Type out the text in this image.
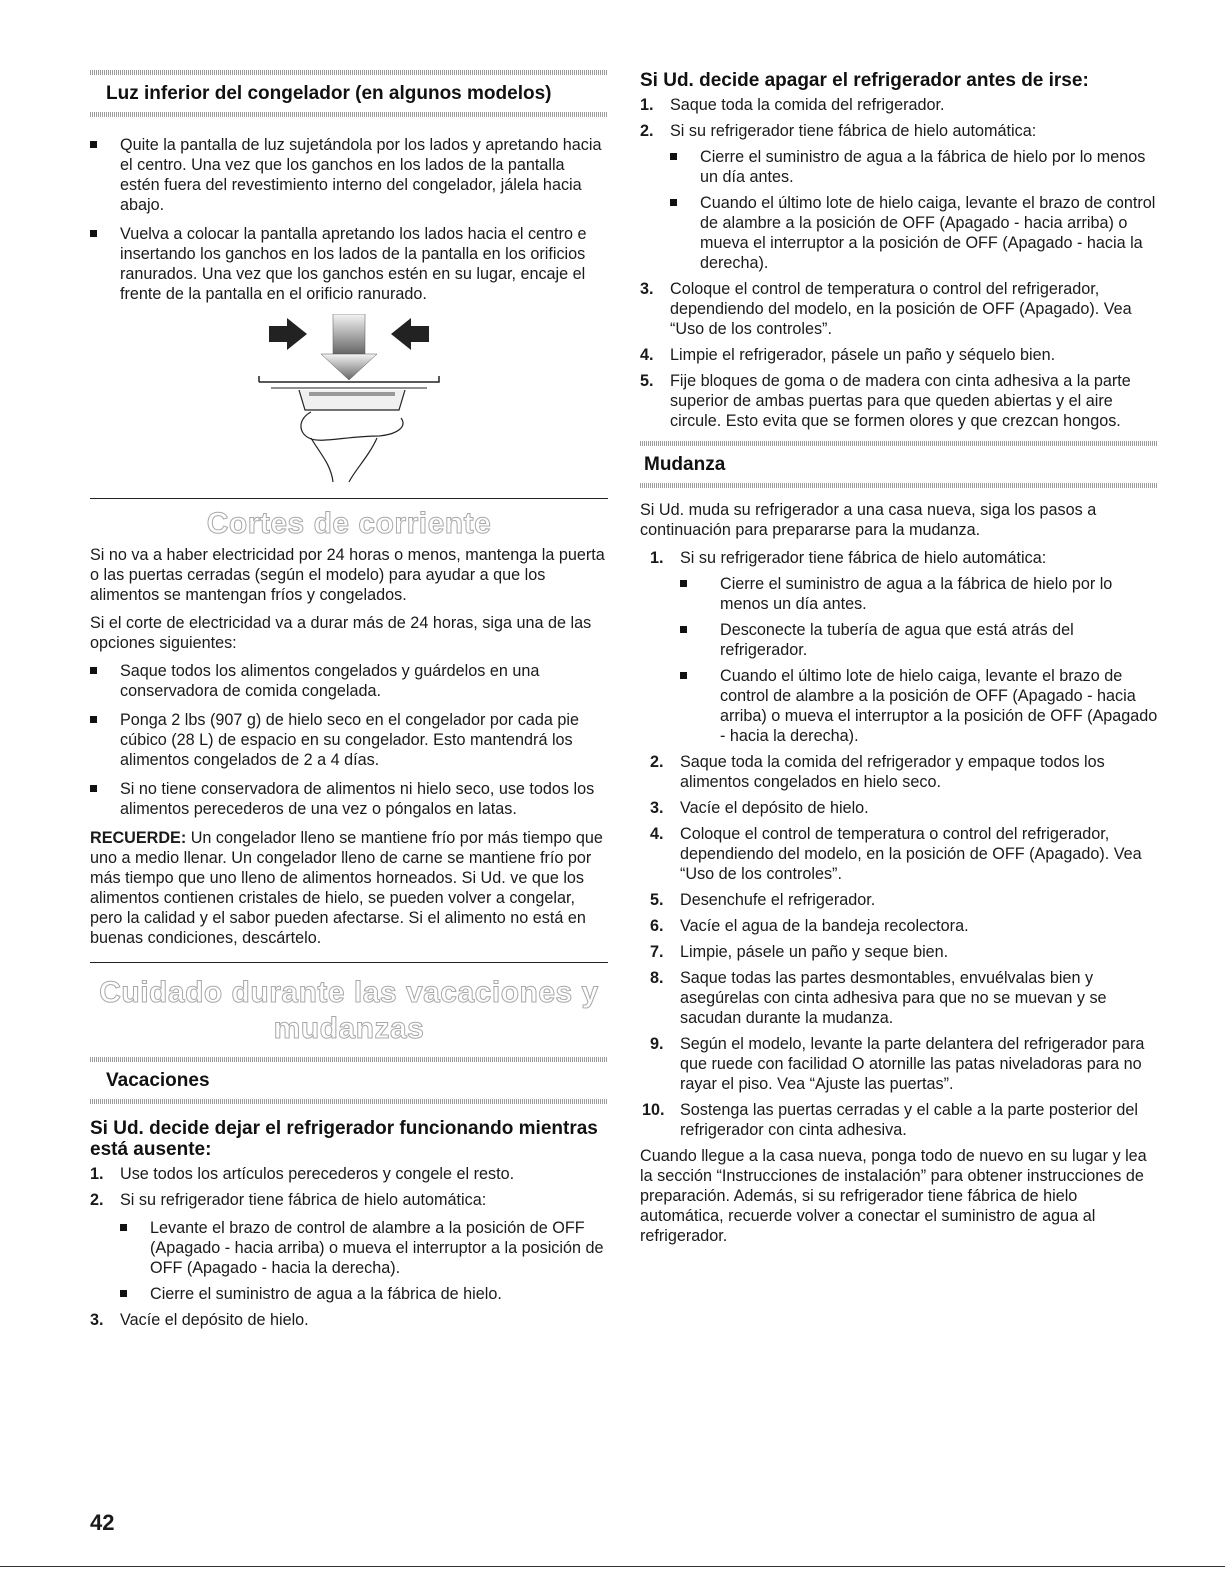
Luz inferior del congelador (en algunos modelos)
Quite la pantalla de luz sujetándola por los lados y apretando hacia el centro. Una vez que los ganchos en los lados de la pantalla estén fuera del revestimiento interno del congelador, jálela hacia abajo.
Vuelva a colocar la pantalla apretando los lados hacia el centro e insertando los ganchos en los lados de la pantalla en los orificios ranurados. Una vez que los ganchos estén en su lugar, encaje el frente de la pantalla en el orificio ranurado.
Cortes de corriente

Si no va a haber electricidad por 24 horas o menos, mantenga la puerta o las puertas cerradas (según el modelo) para ayudar a que los alimentos se mantengan fríos y congelados.

Si el corte de electricidad va a durar más de 24 horas, siga una de las opciones siguientes:

Saque todos los alimentos congelados y guárdelos en una conservadora de comida congelada.
Ponga 2 lbs (907 g) de hielo seco en el congelador por cada pie cúbico (28 L) de espacio en su congelador. Esto mantendrá los alimentos congelados de 2 a 4 días.
Si no tiene conservadora de alimentos ni hielo seco, use todos los alimentos perecederos de una vez o póngalos en latas.

RECUERDE: Un congelador lleno se mantiene frío por más tiempo que uno a medio llenar. Un congelador lleno de carne se mantiene frío por más tiempo que uno lleno de alimentos horneados. Si Ud. ve que los alimentos contienen cristales de hielo, se pueden volver a congelar, pero la calidad y el sabor pueden afectarse. Si el alimento no está en buenas condiciones, descártelo.

Cuidado durante las vacaciones y
mudanzas
Vacaciones
Si Ud. decide dejar el refrigerador funcionando mientras está ausente:
1. Use todos los artículos perecederos y congele el resto.
2. Si su refrigerador tiene fábrica de hielo automática:
Levante el brazo de control de alambre a la posición de OFF (Apagado - hacia arriba) o mueva el interruptor a la posición de OFF (Apagado - hacia la derecha).
Cierre el suministro de agua a la fábrica de hielo.
3. Vacíe el depósito de hielo.
Si Ud. decide apagar el refrigerador antes de irse:
1. Saque toda la comida del refrigerador.
2. Si su refrigerador tiene fábrica de hielo automática:
Cierre el suministro de agua a la fábrica de hielo por lo menos un día antes.
Cuando el último lote de hielo caiga, levante el brazo de control de alambre a la posición de OFF (Apagado - hacia arriba) o mueva el interruptor a la posición de OFF (Apagado - hacia la derecha).
3. Coloque el control de temperatura o control del refrigerador, dependiendo del modelo, en la posición de OFF (Apagado). Vea “Uso de los controles”.
4. Limpie el refrigerador, pásele un paño y séquelo bien.
5. Fije bloques de goma o de madera con cinta adhesiva a la parte superior de ambas puertas para que queden abiertas y el aire circule. Esto evita que se formen olores y que crezcan hongos.
Mudanza

Si Ud. muda su refrigerador a una casa nueva, siga los pasos a continuación para prepararse para la mudanza.

1. Si su refrigerador tiene fábrica de hielo automática:
Cierre el suministro de agua a la fábrica de hielo por lo menos un día antes.
Desconecte la tubería de agua que está atrás del refrigerador.
Cuando el último lote de hielo caiga, levante el brazo de control de alambre a la posición de OFF (Apagado - hacia arriba) o mueva el interruptor a la posición de OFF (Apagado - hacia la derecha).
2. Saque toda la comida del refrigerador y empaque todos los alimentos congelados en hielo seco.
3. Vacíe el depósito de hielo.
4. Coloque el control de temperatura o control del refrigerador, dependiendo del modelo, en la posición de OFF (Apagado). Vea “Uso de los controles”.
5. Desenchufe el refrigerador.
6. Vacíe el agua de la bandeja recolectora.
7. Limpie, pásele un paño y seque bien.
8. Saque todas las partes desmontables, envuélvalas bien y asegúrelas con cinta adhesiva para que no se muevan y se sacudan durante la mudanza.
9. Según el modelo, levante la parte delantera del refrigerador para que ruede con facilidad O atornille las patas niveladoras para no rayar el piso. Vea “Ajuste las puertas”.
10. Sostenga las puertas cerradas y el cable a la parte posterior del refrigerador con cinta adhesiva.

Cuando llegue a la casa nueva, ponga todo de nuevo en su lugar y lea la sección “Instrucciones de instalación” para obtener instrucciones de preparación. Además, si su refrigerador tiene fábrica de hielo automática, recuerde volver a conectar el suministro de agua al refrigerador.

42
